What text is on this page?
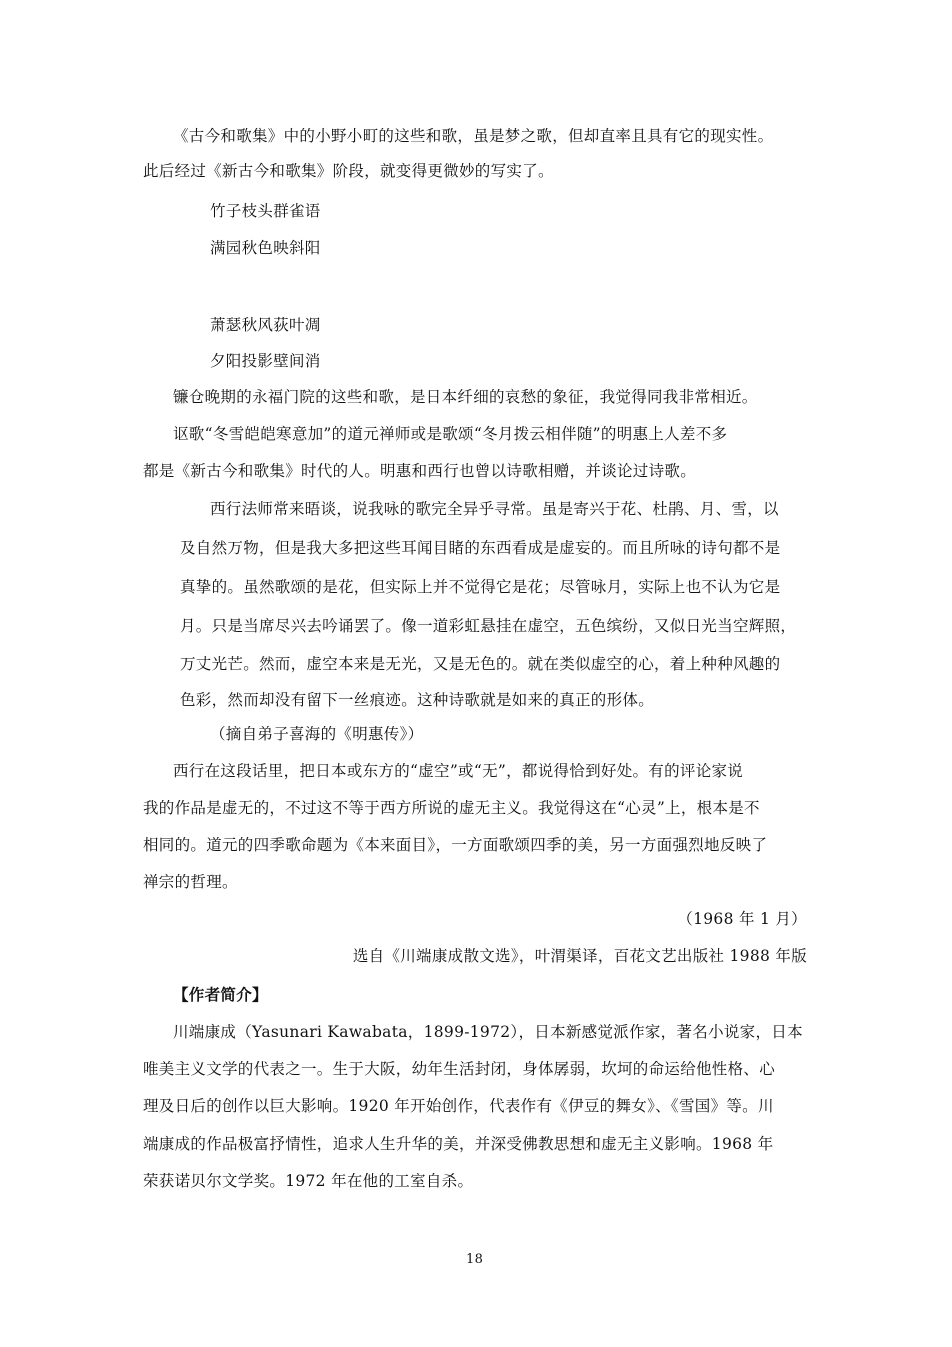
《古今和歌集》中的小野小町的这些和歌，虽是梦之歌，但却直率且具有它的现实性。
此后经过《新古今和歌集》阶段，就变得更微妙的写实了。
竹子枝头群雀语
满园秋色映斜阳
萧瑟秋风荻叶凋
夕阳投影壁间消
镰仓晚期的永福门院的这些和歌，是日本纤细的哀愁的象征，我觉得同我非常相近。
讴歌“冬雪皑皑寒意加”的道元禅师或是歌颂“冬月拨云相伴随”的明惠上人差不多
都是《新古今和歌集》时代的人。明惠和西行也曾以诗歌相赠，并谈论过诗歌。
西行法师常来晤谈，说我咏的歌完全异乎寻常。虽是寄兴于花、杜鹃、月、雪，以
及自然万物，但是我大多把这些耳闻目睹的东西看成是虚妄的。而且所咏的诗句都不是
真挚的。虽然歌颂的是花，但实际上并不觉得它是花；尽管咏月，实际上也不认为它是
月。只是当席尽兴去吟诵罢了。像一道彩虹悬挂在虚空，五色缤纷，又似日光当空辉照，
万丈光芒。然而，虚空本来是无光，又是无色的。就在类似虚空的心，着上种种风趣的
色彩，然而却没有留下一丝痕迹。这种诗歌就是如来的真正的形体。
（摘自弟子喜海的《明惠传》）
西行在这段话里，把日本或东方的“虚空”或“无”，都说得恰到好处。有的评论家说
我的作品是虚无的，不过这不等于西方所说的虚无主义。我觉得这在“心灵”上，根本是不
相同的。道元的四季歌命题为《本来面目》，一方面歌颂四季的美，另一方面强烈地反映了
禅宗的哲理。
（1968 年 1 月）
选自《川端康成散文选》，叶渭渠译，百花文艺出版社 1988 年版
【作者简介】
川端康成（Yasunari Kawabata，1899-1972），日本新感觉派作家，著名小说家，日本
唯美主义文学的代表之一。生于大阪，幼年生活封闭，身体孱弱，坎坷的命运给他性格、心
理及日后的创作以巨大影响。1920 年开始创作，代表作有《伊豆的舞女》、《雪国》等。川
端康成的作品极富抒情性，追求人生升华的美，并深受佛教思想和虚无主义影响。1968 年
荣获诺贝尔文学奖。1972 年在他的工室自杀。
18
